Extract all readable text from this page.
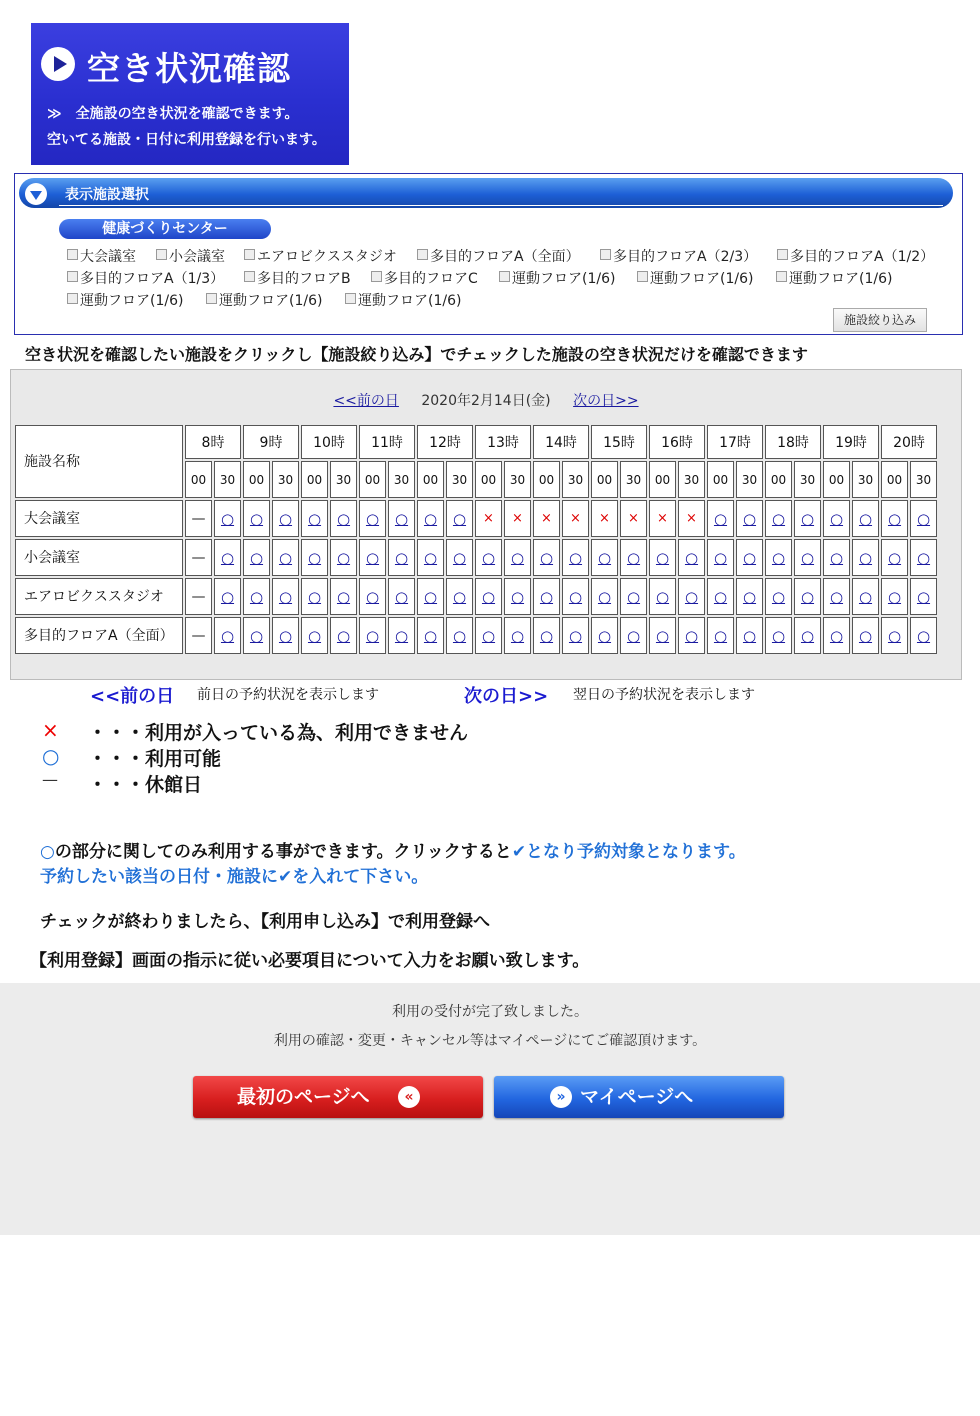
空き状況確認
≫　全施設の空き状況を確認できます。
空いてる施設・日付に利用登録を行います。
表示施設選択
健康づくりセンター
大会議室	小会議室	エアロビクススタジオ	多目的フロアA（全面）	多目的フロアA（2/3）	多目的フロアA（1/2）
多目的フロアA（1/3）	多目的フロアB	多目的フロアC	運動フロア(1/6)	運動フロア(1/6)	運動フロア(1/6)
運動フロア(1/6)	運動フロア(1/6)	運動フロア(1/6)
施設絞り込み
空き状況を確認したい施設をクリックし【施設絞り込み】でチェックした施設の空き状況だけを確認できます
<<前の日 2020年2月14日(金) 次の日>>
施設名称	8時		9時		10時		11時		12時		13時		14時		15時		16時		17時		18時		19時		20時	
	00	30	00	30	00	30	00	30	00	30	00	30	00	30	00	30	00	30	00	30	00	30	00	30	00	30
大会議室	—	○	○	○	○	○	○	○	○	○	×	×	×	×	×	×	×	×	○	○	○	○	○	○	○	○
小会議室	—	○	○	○	○	○	○	○	○	○	○	○	○	○	○	○	○	○	○	○	○	○	○	○	○	○
エアロビクススタジオ	—	○	○	○	○	○	○	○	○	○	○	○	○	○	○	○	○	○	○	○	○	○	○	○	○	○
多目的フロアA（全面）	—	○	○	○	○	○	○	○	○	○	○	○	○	○	○	○	○	○	○	○	○	○	○	○	○	○
<<前の日 前日の予約状況を表示します	次の日>> 翌日の予約状況を表示します
× ・・・利用が入っている為、利用できません
○ ・・・利用可能
— ・・・休館日
○の部分に関してのみ利用する事ができます。クリックすると✔となり予約対象となります。
予約したい該当の日付・施設に✔を入れて下さい。
チェックが終わりましたら、【利用申し込み】で利用登録へ
【利用登録】画面の指示に従い必要項目について入力をお願い致します。
利用の受付が完了致しました。
利用の確認・変更・キャンセル等はマイページにてご確認頂けます。
最初のページへ	«	» マイページへ
